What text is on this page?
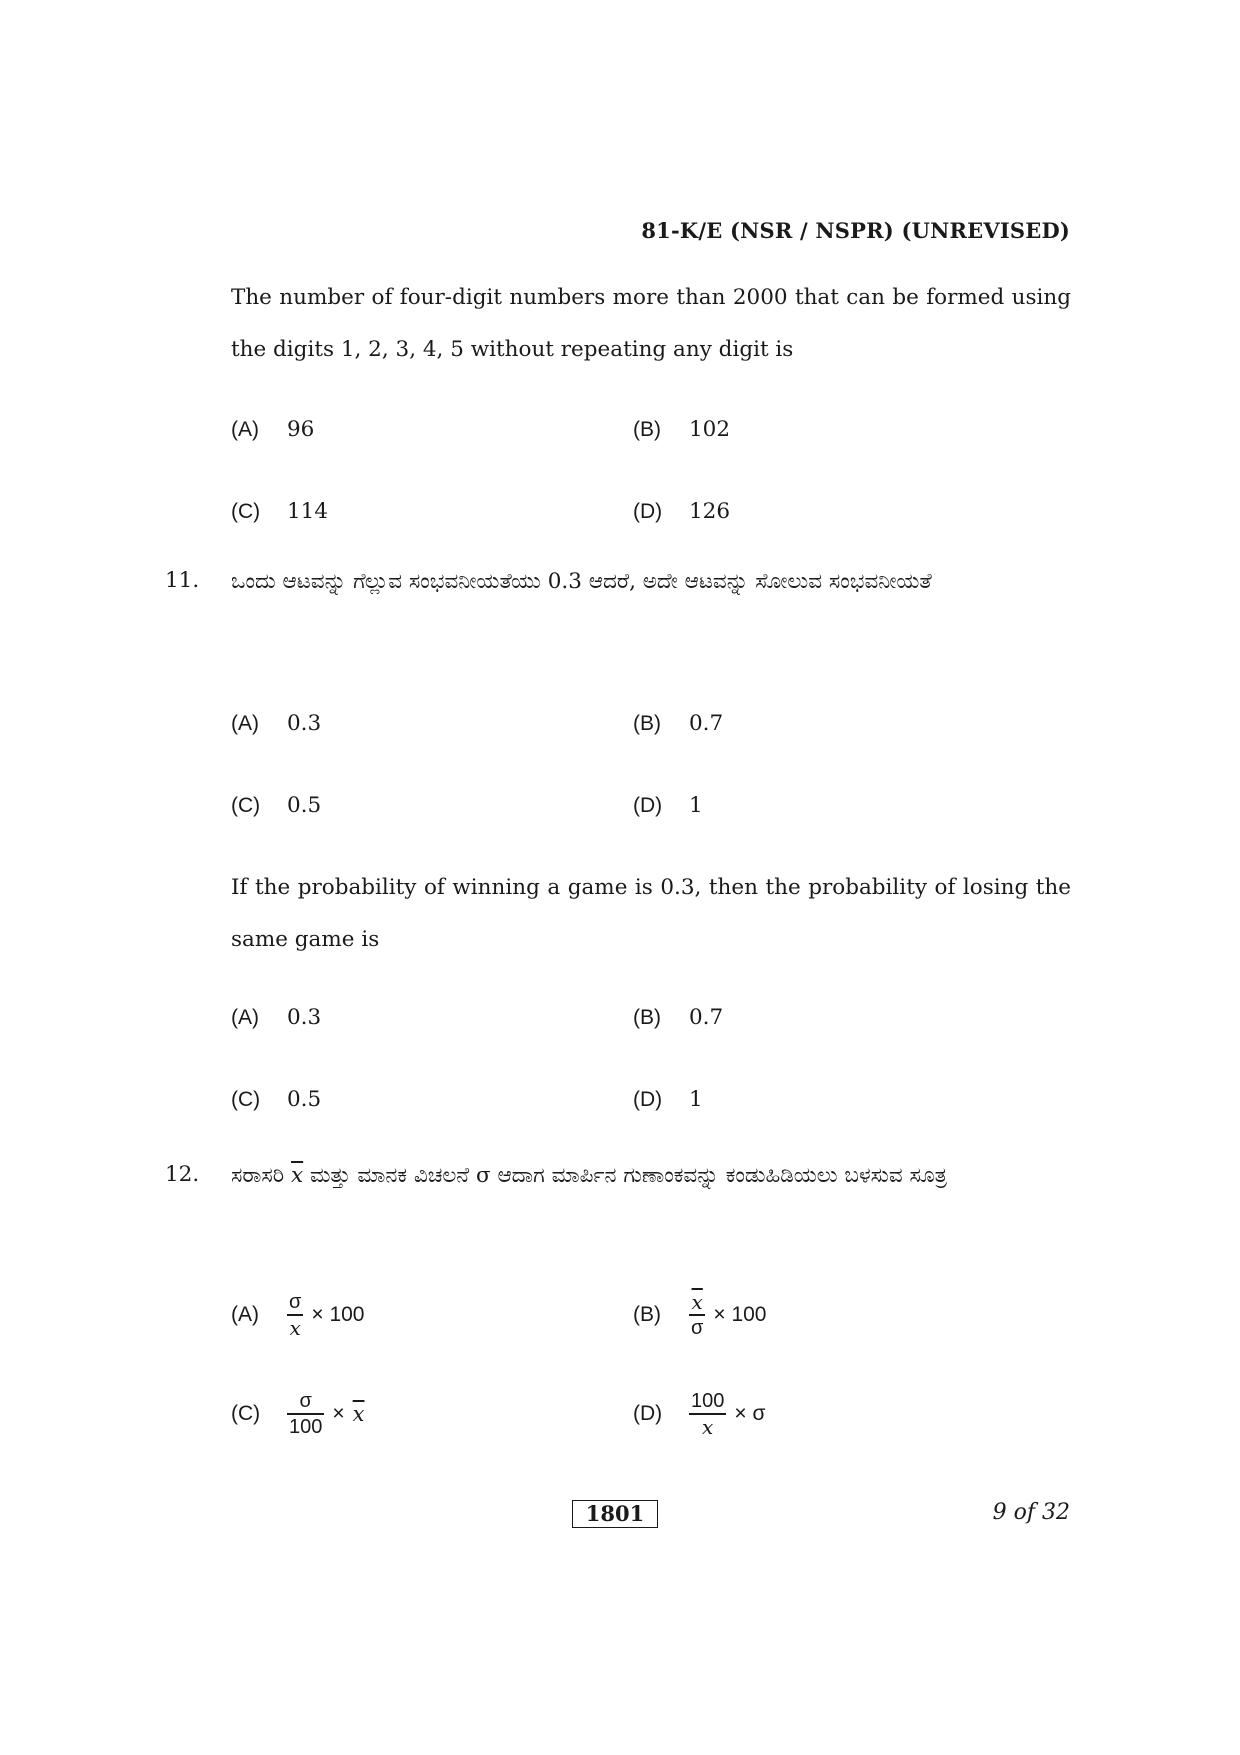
81-K/E (NSR / NSPR) (UNREVISED)
The number of four-digit numbers more than 2000 that can be formed using the digits 1, 2, 3, 4, 5 without repeating any digit is
(A)	96	(B)	102
(C)	114	(D)	126
11. ಒಂದು ಆಟವನ್ನು ಗೆಲ್ಲುವ ಸಂಭವನೀಯತೆಯು 0.3 ಆದರೆ, ಅದೇ ಆಟವನ್ನು ಸೋಲುವ ಸಂಭವನೀಯತೆ
(A)	0.3	(B)	0.7
(C)	0.5	(D)	1
If the probability of winning a game is 0.3, then the probability of losing the same game is
(A)	0.3	(B)	0.7
(C)	0.5	(D)	1
12. ಸರಾಸರಿ $\overline{x}$ ಮತ್ತು ಮಾನಕ ವಿಚಲನೆ σ ಆದಾಗ ಮಾರ್ಪಿನ ಗುಣಾಂಕವನ್ನು ಕಂಡುಹಿಡಿಯಲು ಬಳಸುವ ಸೂತ್ರ
(A)	$\frac{\sigma}{x} \times 100$	(B)	$\frac{\overline{x}}{\sigma} \times 100$
(C)	$\frac{\sigma}{100} \times \overline{x}$	(D)	$\frac{100}{x} \times \sigma$
1801	9 of 32
